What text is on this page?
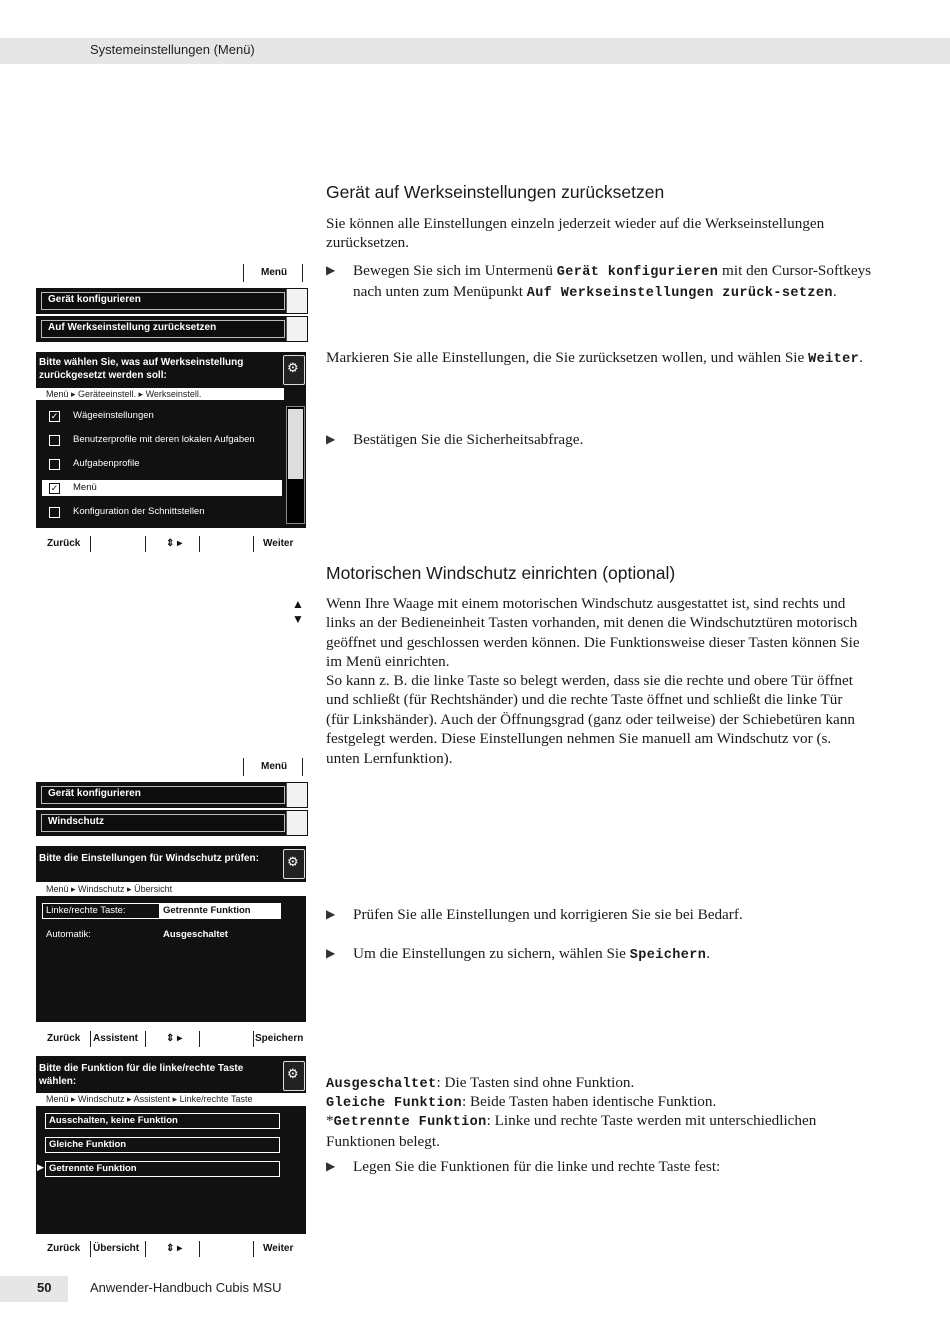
Systemeinstellungen (Menü)
50	Anwender-Handbuch Cubis MSU
Gerät auf Werkseinstellungen zurücksetzen
Sie können alle Einstellungen einzeln jederzeit wieder auf die Werkseinstellungen zurücksetzen.
▶	Bewegen Sie sich im Untermenü Gerät konfigurieren mit den Cursor-Softkeys nach unten zum Menüpunkt Auf Werkseinstellungen zurück-setzen.
Markieren Sie alle Einstellungen, die Sie zurücksetzen wollen, und wählen Sie Weiter.
▶	Bestätigen Sie die Sicherheitsabfrage.
Motorischen Windschutz einrichten (optional)
▲
▼
Wenn Ihre Waage mit einem motorischen Windschutz ausgestattet ist, sind rechts und links an der Bedieneinheit Tasten vorhanden, mit denen die Windschutztüren motorisch geöffnet und geschlossen werden können. Die Funktionsweise dieser Tasten können Sie im Menü einrichten.
So kann z. B. die linke Taste so belegt werden, dass sie die rechte und obere Tür öffnet und schließt (für Rechtshänder) und die rechte Taste öffnet und schließt die linke Tür (für Linkshänder). Auch der Öffnungsgrad (ganz oder teilweise) der Schiebetüren kann festgelegt werden. Diese Einstellungen nehmen Sie manuell am Windschutz vor (s. unten Lernfunktion).
▶	Prüfen Sie alle Einstellungen und korrigieren Sie sie bei Bedarf.
▶	Um die Einstellungen zu sichern, wählen Sie Speichern.
▶	Legen Sie die Funktionen für die linke und rechte Taste fest:
Ausgeschaltet: Die Tasten sind ohne Funktion.
Gleiche Funktion: Beide Tasten haben identische Funktion.
*Getrennte Funktion: Linke und rechte Taste werden mit unterschiedlichen Funktionen belegt.
Menü
Gerät konfigurieren
Auf Werkseinstellung zurücksetzen
Bitte wählen Sie, was auf Werkseinstellung zurückgesetzt werden soll:
⚙
Menü ▸ Geräteeinstell. ▸ Werkseinstell.
✓ Wägeeinstellungen
Benutzerprofile mit deren lokalen Aufgaben
Aufgabenprofile
✓ Menü
Konfiguration der Schnittstellen
Zurück	⇕ ▸	Weiter
Menü
Gerät konfigurieren
Windschutz
Bitte die Einstellungen für Windschutz prüfen:	⚙
Menü ▸ Windschutz ▸ Übersicht
Linke/rechte Taste:	Getrennte Funktion
Automatik:	Ausgeschaltet
Zurück Assistent	⇕ ▸	Speichern
Bitte die Funktion für die linke/rechte Taste wählen:
⚙
Menü ▸ Windschutz ▸ Assistent ▸ Linke/rechte Taste
Ausschalten, keine Funktion
Gleiche Funktion
▶ Getrennte Funktion
Zurück Übersicht	⇕ ▸	Weiter
